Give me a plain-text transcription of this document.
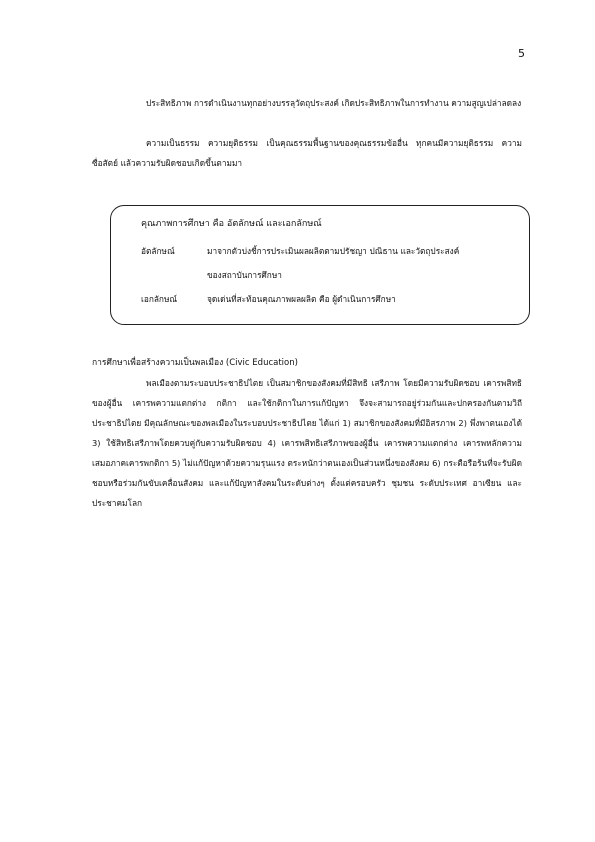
5

ประสิทธิภาพ การดำเนินงานทุกอย่างบรรลุวัตถุประสงค์ เกิดประสิทธิภาพในการทำงาน ความสูญเปล่าลดลง

ความเป็นธรรม ความยุติธรรม เป็นคุณธรรมพื้นฐานของคุณธรรมข้ออื่น ทุกคนมีความยุติธรรม ความซื่อสัตย์ แล้วความรับผิดชอบเกิดขึ้นตามมา

คุณภาพการศึกษา คือ อัตลักษณ์ และเอกลักษณ์
อัตลักษณ์	มาจากตัวบ่งชี้การประเมินผลผลิตตามปรัชญา ปณิธาน และวัตถุประสงค์
ของสถาบันการศึกษา
เอกลักษณ์	จุดเด่นที่สะท้อนคุณภาพผลผลิต คือ ผู้ดำเนินการศึกษา
การศึกษาเพื่อสร้างความเป็นพลเมือง (Civic Education)

พลเมืองตามระบอบประชาธิปไตย เป็นสมาชิกของสังคมที่มีสิทธิ เสรีภาพ โดยมีความรับผิดชอบ เคารพสิทธิของผู้อื่น เคารพความแตกต่าง กติกา และใช้กติกาในการแก้ปัญหา จึงจะสามารถอยู่ร่วมกันและปกครองกันตามวิถีประชาธิปไตย มีคุณลักษณะของพลเมืองในระบอบประชาธิปไตย ได้แก่ 1) สมาชิกของสังคมที่มีอิสรภาพ 2) พึ่งพาตนเองได้ 3) ใช้สิทธิเสรีภาพโดยควบคู่กับความรับผิดชอบ 4) เคารพสิทธิเสรีภาพของผู้อื่น เคารพความแตกต่าง เคารพหลักความเสมอภาคเคารพกติกา 5) ไม่แก้ปัญหาด้วยความรุนแรง ตระหนักว่าตนเองเป็นส่วนหนึ่งของสังคม 6) กระตือรือร้นที่จะรับผิดชอบหรือร่วมกันขับเคลื่อนสังคม และแก้ปัญหาสังคมในระดับต่างๆ ตั้งแต่ครอบครัว ชุมชน ระดับประเทศ อาเซียน และประชาคมโลก
